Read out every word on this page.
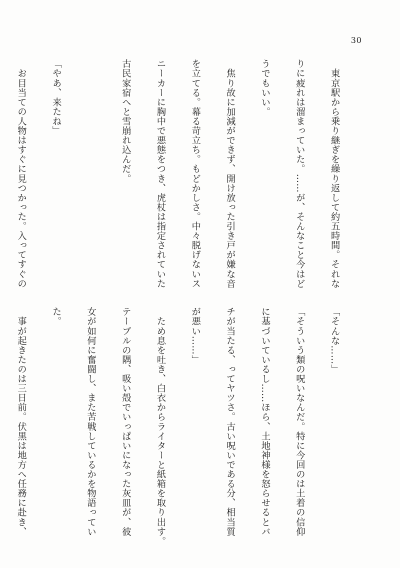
30

　東京駅から乗り継ぎを繰り返して約五時間。それな

りに疲れは溜まっていた。……が、そんなこと今はど

うでもいい。

　焦り故に加減ができず、開け放った引き戸が嫌な音

を立てる。幕る苛立ち。もどかしさ。中々脱げないス

ニーカーに胸中で悪態をつき、虎杖は指定されていた

古民家宿へと雪崩れ込んだ。

「やあ、来たね」

　お目当ての人物はすぐに見つかった。入ってすぐの

「そんな……」

「そういう類の呪いなんだ。特に今回のは土着の信仰

に基づいているし……ほら、土地神様を怒らせるとバ

チが当たる、ってヤツさ。古い呪いである分、相当質

が悪い……」

　ため息を吐き、白衣からライターと紙箱を取り出す。

テーブルの隅、吸い殻でいっぱいになった灰皿が、彼

女が如何に奮闘し、また苦戦しているかを物語ってい

た。

　事が起きたのは三日前。伏黒は地方へ任務に赴き、
